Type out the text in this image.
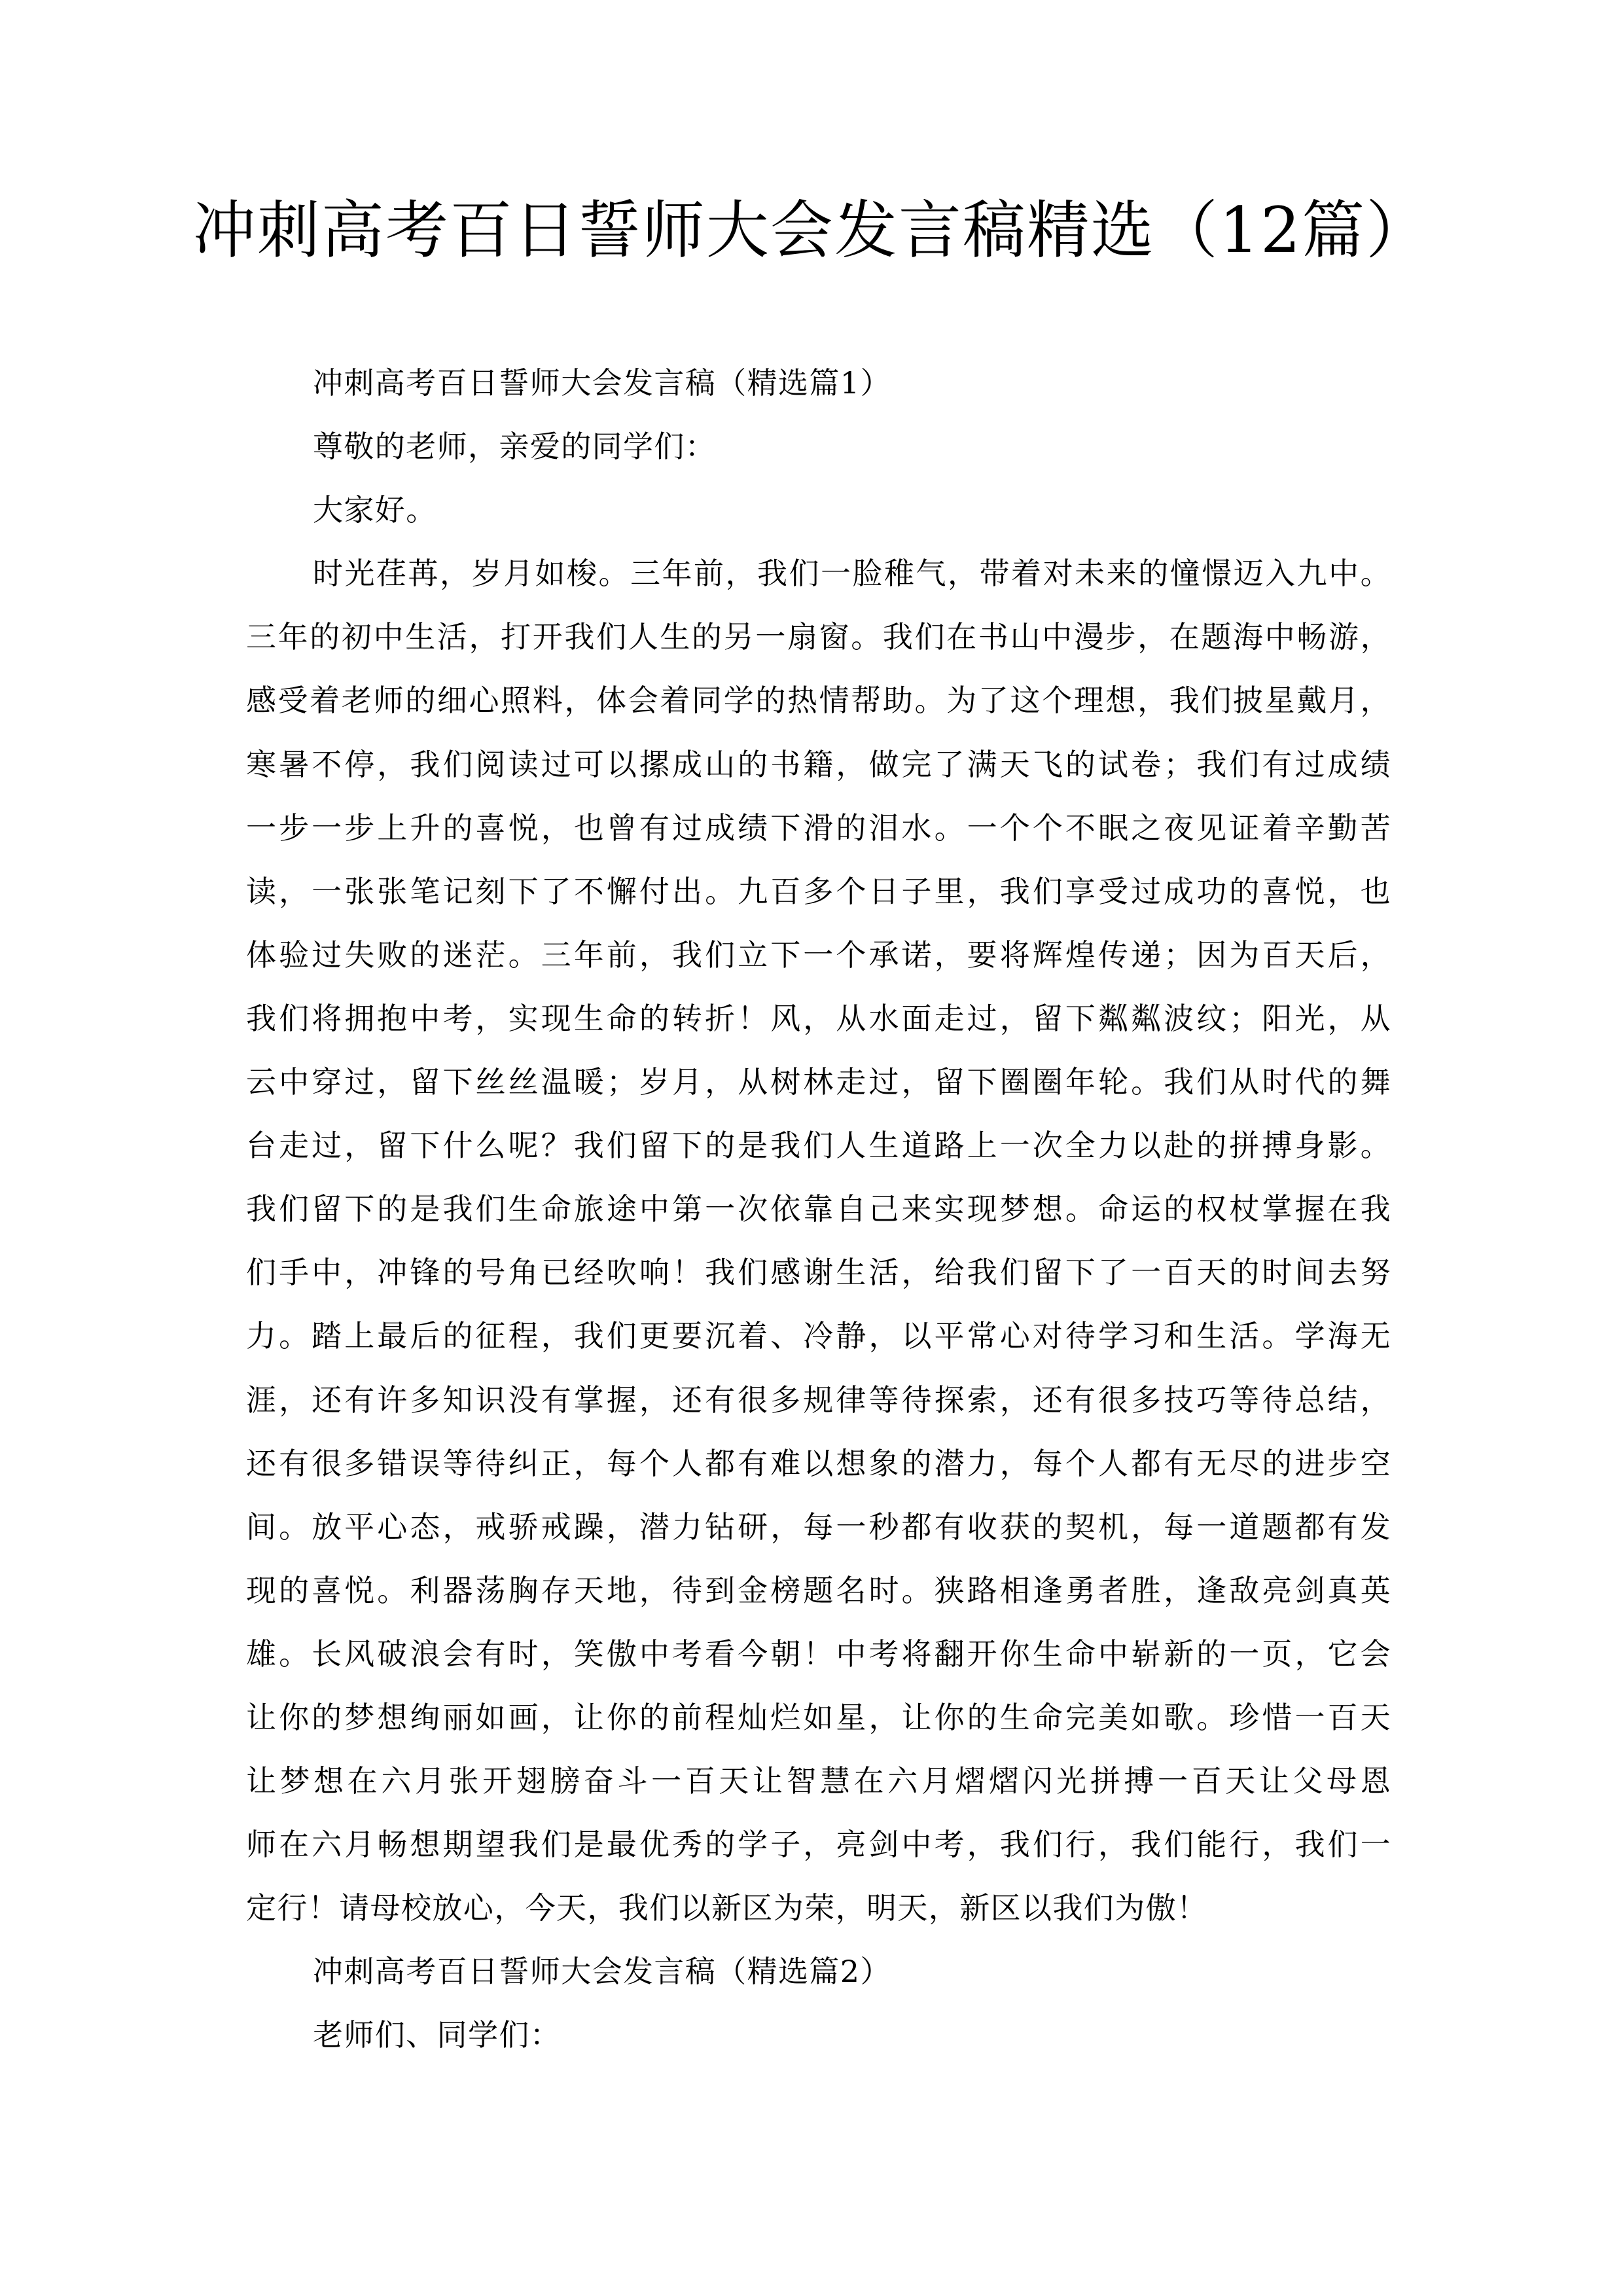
冲刺高考百日誓师大会发言稿精选（12篇）
冲刺高考百日誓师大会发言稿（精选篇1）
尊敬的老师，亲爱的同学们：
大家好。
时光荏苒，岁月如梭。三年前，我们一脸稚气，带着对未来的憧憬迈入九中。
三年的初中生活，打开我们人生的另一扇窗。我们在书山中漫步，在题海中畅游，
感受着老师的细心照料，体会着同学的热情帮助。为了这个理想，我们披星戴月，
寒暑不停，我们阅读过可以摞成山的书籍，做完了满天飞的试卷；我们有过成绩
一步一步上升的喜悦，也曾有过成绩下滑的泪水。一个个不眠之夜见证着辛勤苦
读，一张张笔记刻下了不懈付出。九百多个日子里，我们享受过成功的喜悦，也
体验过失败的迷茫。三年前，我们立下一个承诺，要将辉煌传递；因为百天后，
我们将拥抱中考，实现生命的转折！风，从水面走过，留下粼粼波纹；阳光，从
云中穿过，留下丝丝温暖；岁月，从树林走过，留下圈圈年轮。我们从时代的舞
台走过，留下什么呢？我们留下的是我们人生道路上一次全力以赴的拼搏身影。
我们留下的是我们生命旅途中第一次依靠自己来实现梦想。命运的权杖掌握在我
们手中，冲锋的号角已经吹响！我们感谢生活，给我们留下了一百天的时间去努
力。踏上最后的征程，我们更要沉着、冷静，以平常心对待学习和生活。学海无
涯，还有许多知识没有掌握，还有很多规律等待探索，还有很多技巧等待总结，
还有很多错误等待纠正，每个人都有难以想象的潜力，每个人都有无尽的进步空
间。放平心态，戒骄戒躁，潜力钻研，每一秒都有收获的契机，每一道题都有发
现的喜悦。利器荡胸存天地，待到金榜题名时。狭路相逢勇者胜，逢敌亮剑真英
雄。长风破浪会有时，笑傲中考看今朝！中考将翻开你生命中崭新的一页，它会
让你的梦想绚丽如画，让你的前程灿烂如星，让你的生命完美如歌。珍惜一百天
让梦想在六月张开翅膀奋斗一百天让智慧在六月熠熠闪光拼搏一百天让父母恩
师在六月畅想期望我们是最优秀的学子，亮剑中考，我们行，我们能行，我们一
定行！请母校放心，今天，我们以新区为荣，明天，新区以我们为傲！
冲刺高考百日誓师大会发言稿（精选篇2）
老师们、同学们：
